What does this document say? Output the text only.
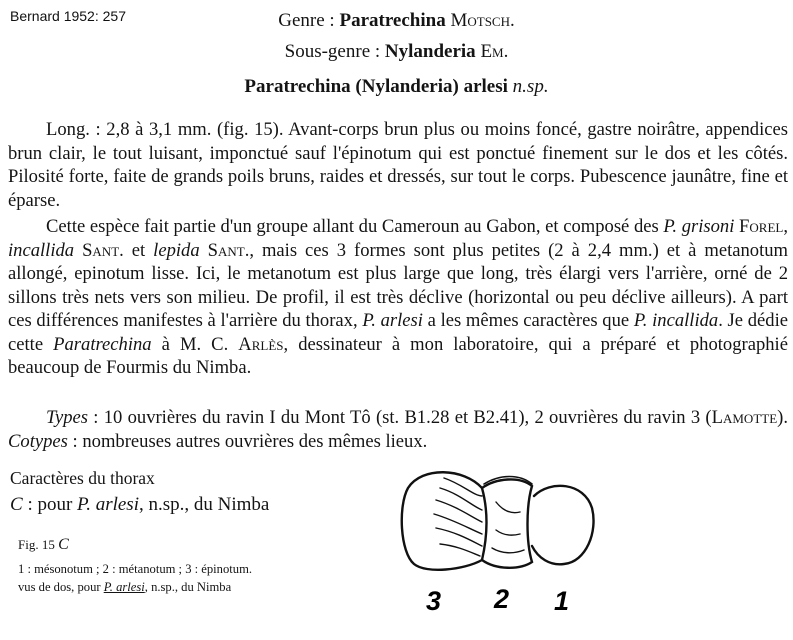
Bernard 1952: 257	Genre : Paratrechina Motsch.
Sous-genre : Nylanderia Em.
Paratrechina (Nylanderia) arlesi n.sp.

Long. : 2,8 à 3,1 mm. (fig. 15). Avant-corps brun plus ou moins foncé, gastre noirâtre, appendices brun clair, le tout luisant, imponctué sauf l'épinotum qui est ponctué finement sur le dos et les côtés. Pilosité forte, faite de grands poils bruns, raides et dressés, sur tout le corps. Pubescence jaunâtre, fine et éparse.

Cette espèce fait partie d'un groupe allant du Cameroun au Gabon, et composé des P. grisoni Forel, incallida Sant. et lepida Sant., mais ces 3 formes sont plus petites (2 à 2,4 mm.) et à metanotum allongé, epinotum lisse. Ici, le metanotum est plus large que long, très élargi vers l'arrière, orné de 2 sillons très nets vers son milieu. De profil, il est très déclive (horizontal ou peu déclive ailleurs). A part ces différences manifestes à l'arrière du thorax, P. arlesi a les mêmes caractères que P. incallida. Je dédie cette Paratrechina à M. C. Arlès, dessinateur à mon laboratoire, qui a préparé et photographié beaucoup de Fourmis du Nimba.

Types : 10 ouvrières du ravin I du Mont Tô (st. B1.28 et B2.41), 2 ouvrières du ravin 3 (Lamotte). Cotypes : nombreuses autres ouvrières des mêmes lieux.

Caractères du thorax
C : pour P. arlesi, n.sp., du Nimba
Fig. 15 C
1 : mésonotum ; 2 : métanotum ; 3 : épinotum.
vus de dos, pour P. arlesi, n.sp., du Nimba	3 2 1
